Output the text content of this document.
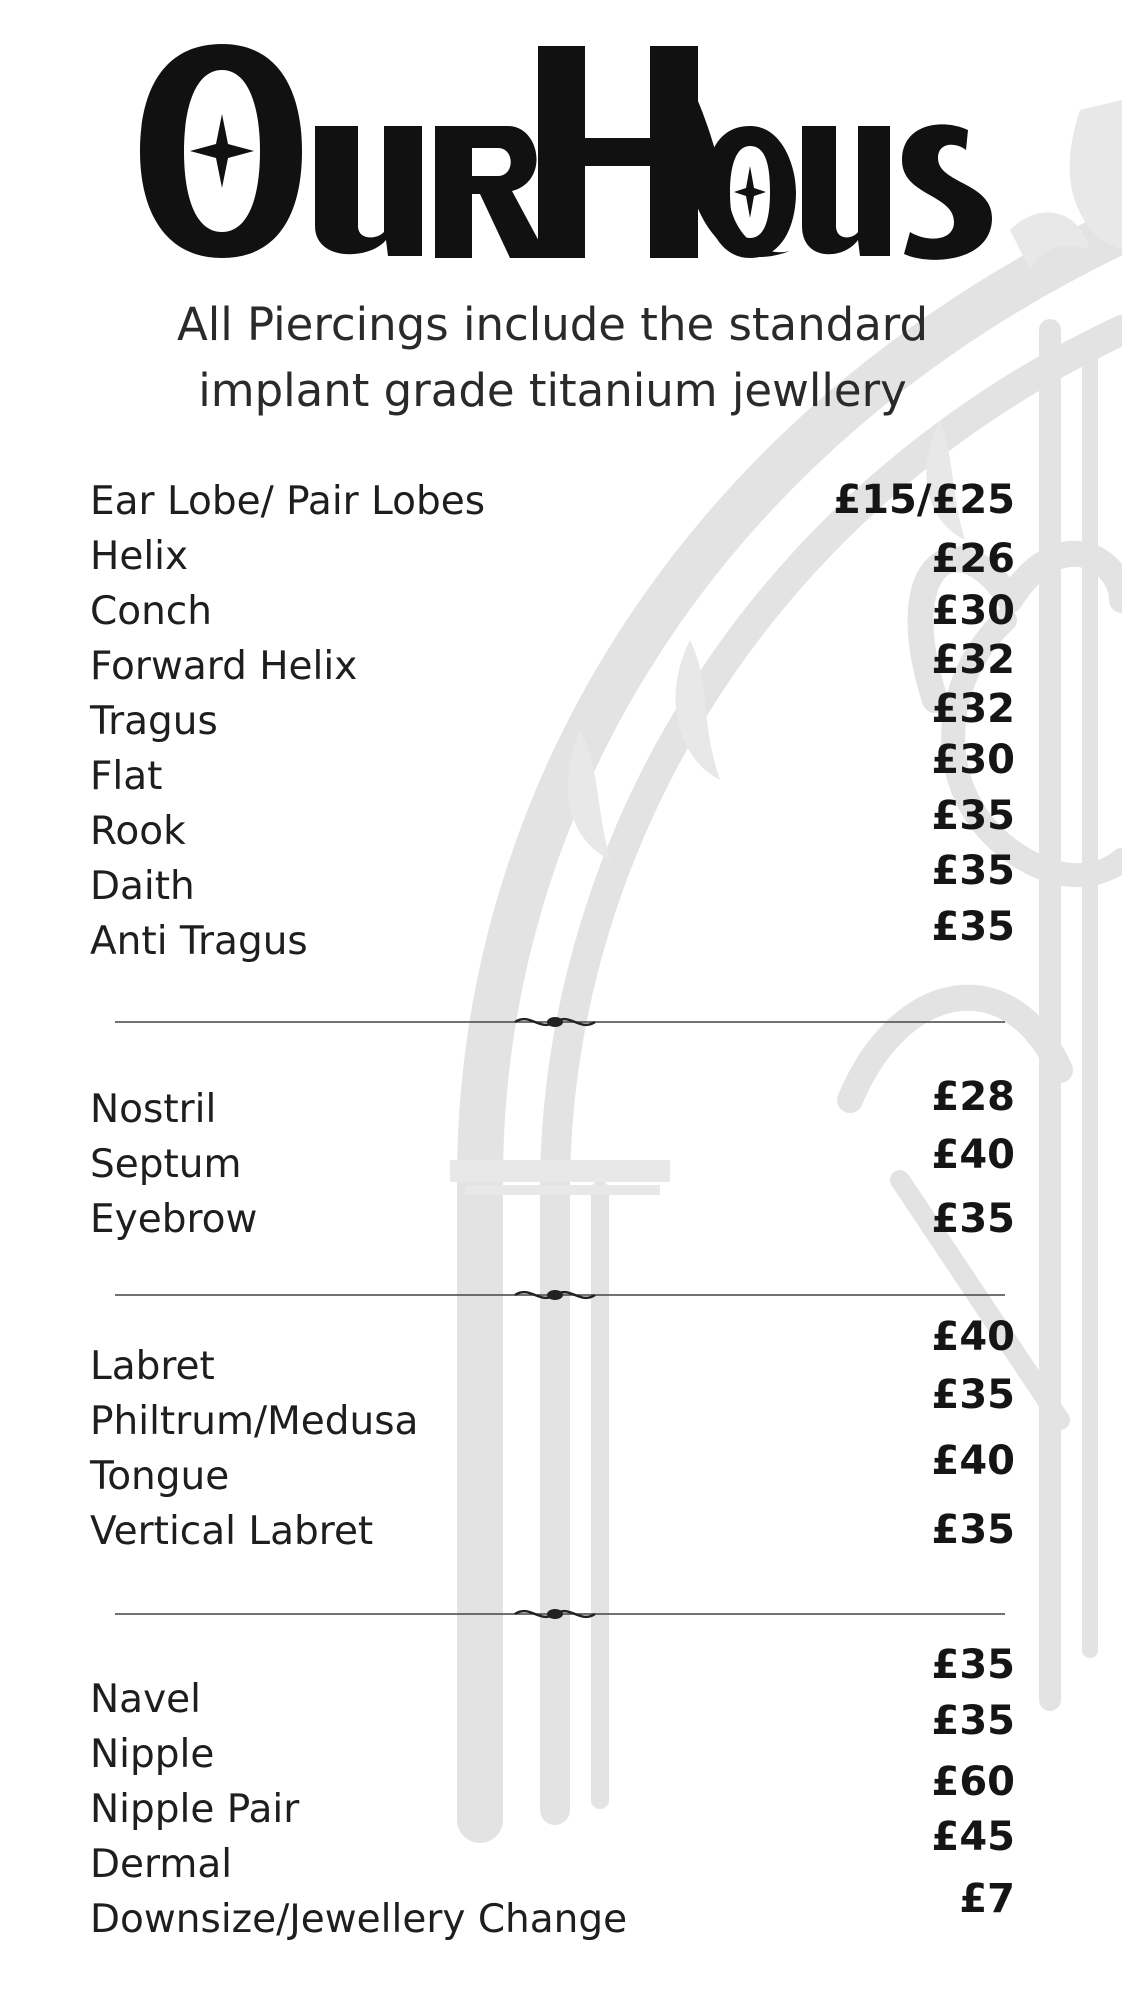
All Piercings include the standard
implant grade titanium jewllery
Ear Lobe/ Pair Lobes
Helix
Conch
Forward Helix
Tragus
Flat
Rook
Daith
Anti Tragus
£15/£25
£26
£30
£32
£32
£30
£35
£35
£35
Nostril
Septum
Eyebrow
£28
£40
£35
Labret
Philtrum/Medusa
Tongue
Vertical Labret
£40
£35
£40
£35
Navel
Nipple
Nipple Pair
Dermal
Downsize/Jewellery Change
£35
£35
£60
£45
£7
